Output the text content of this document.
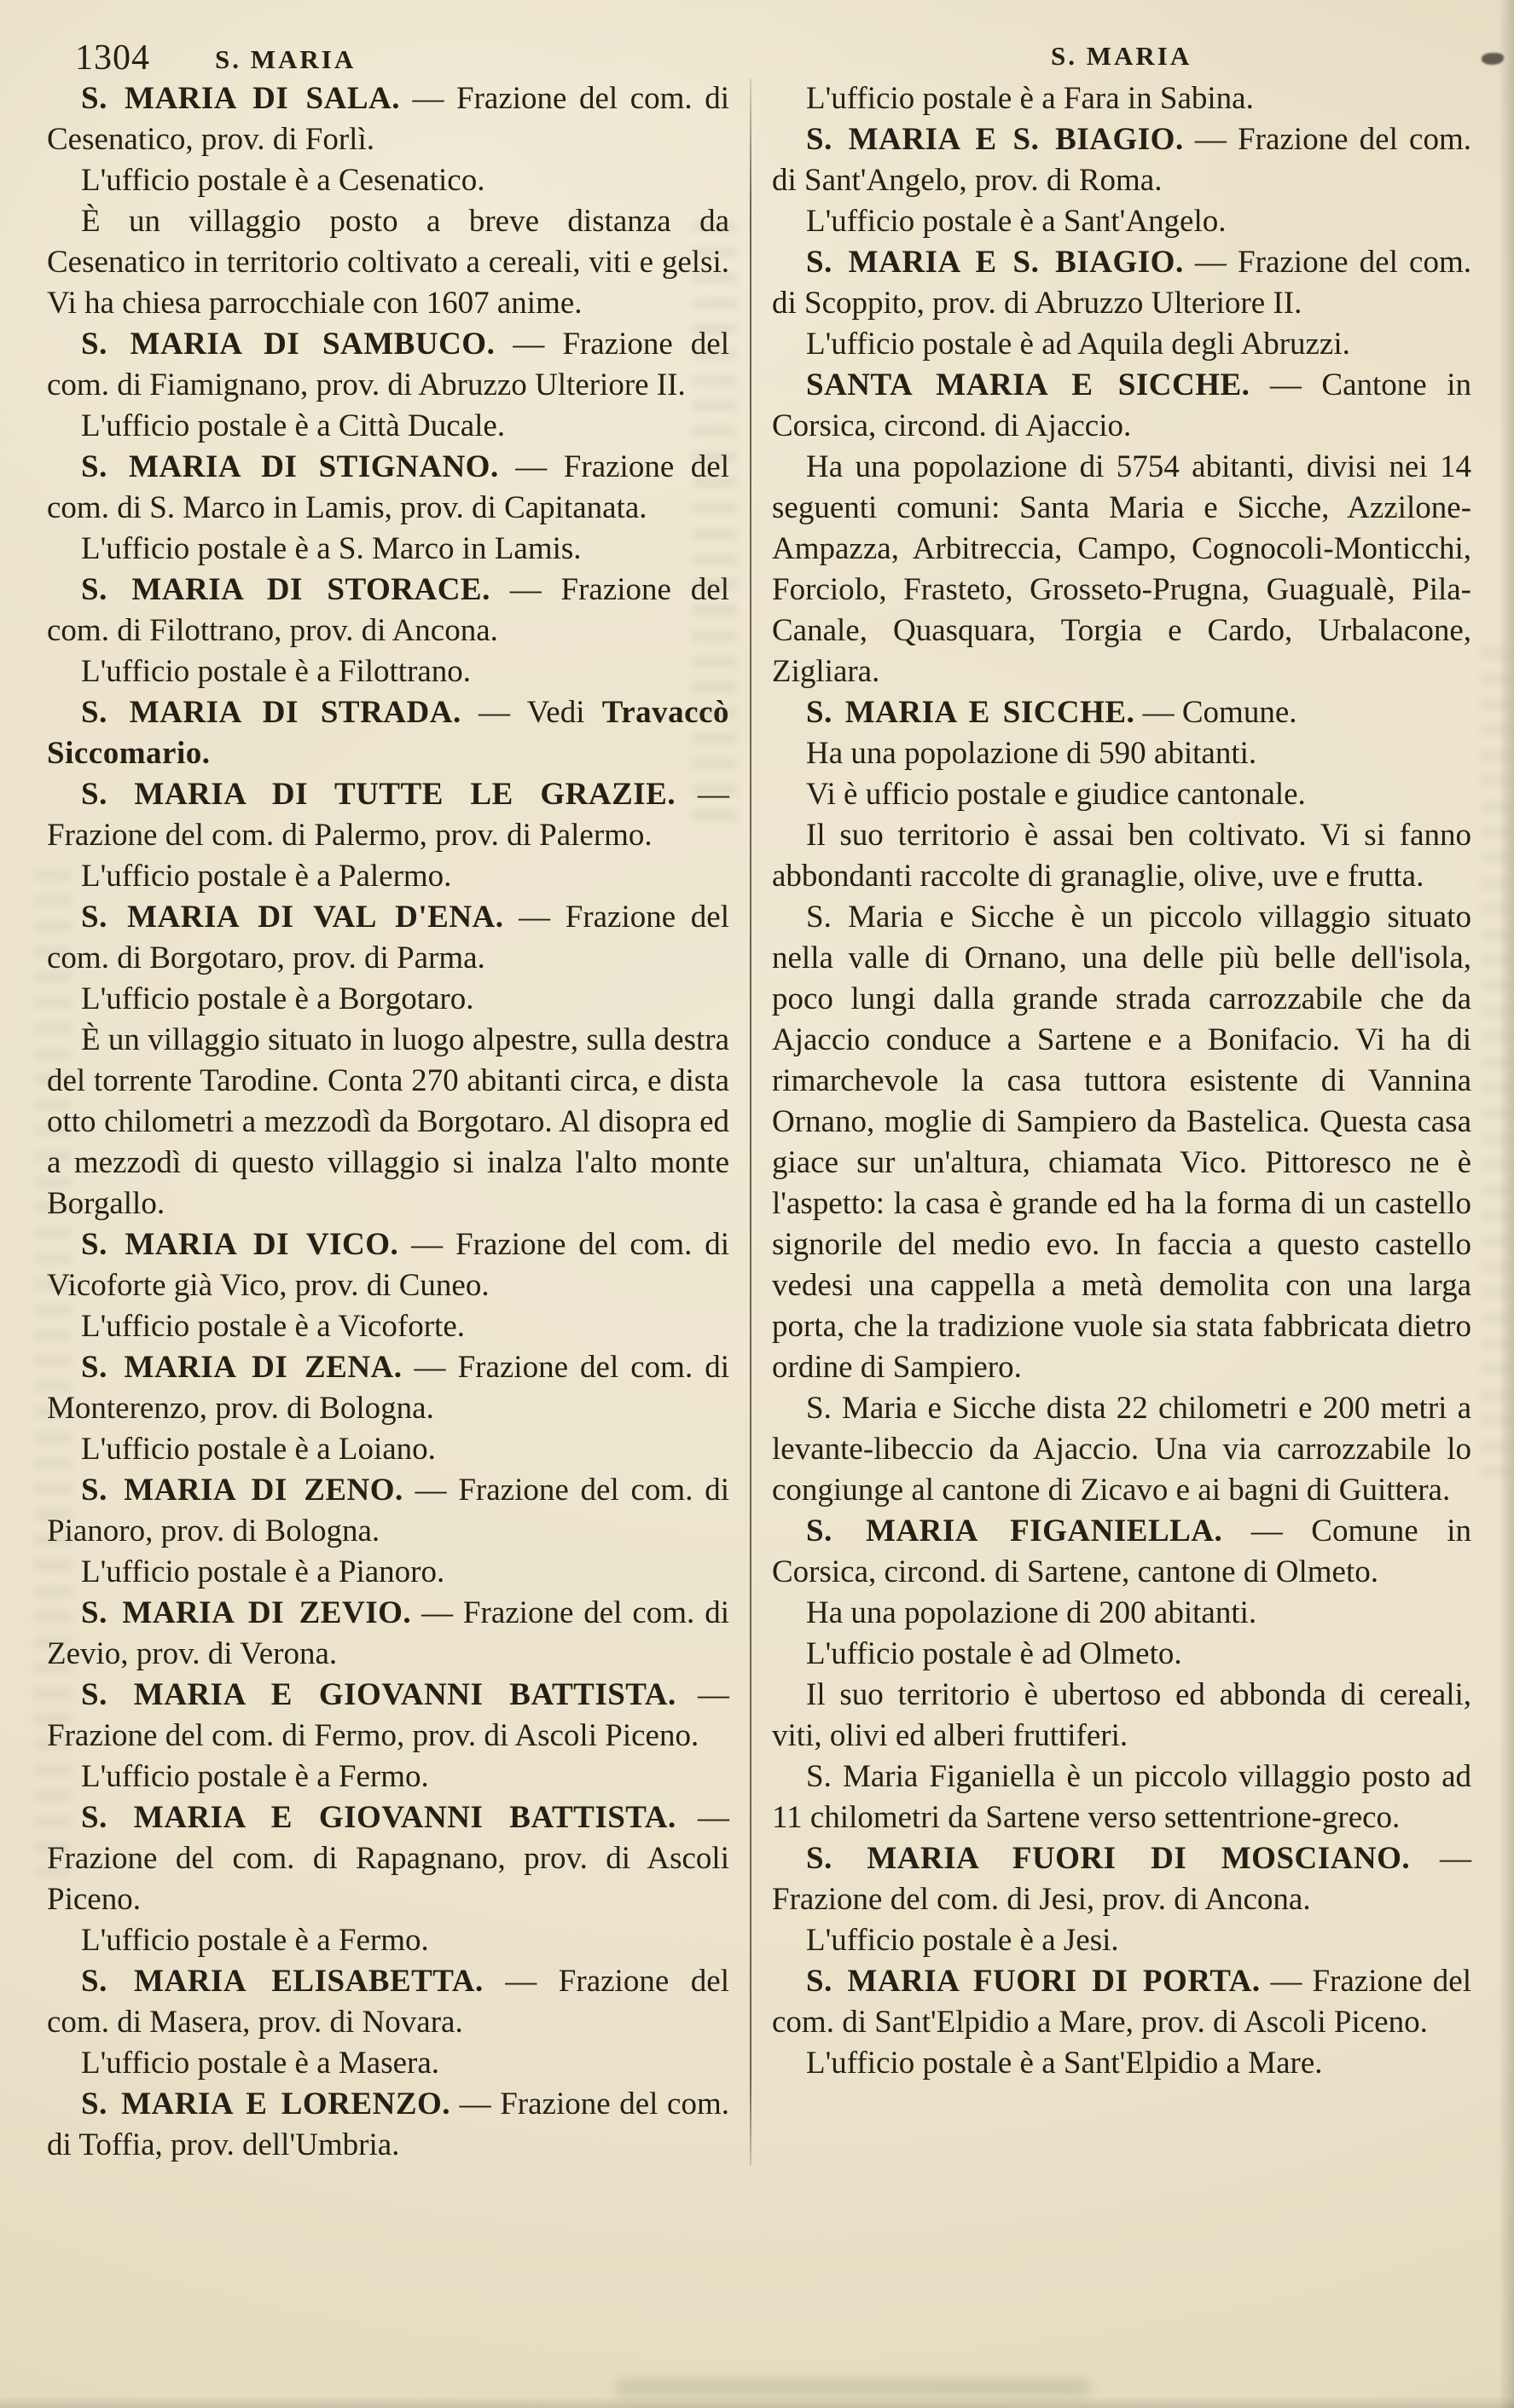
1304 S. MARIA	S. MARIA

S. MARIA DI SALA. — Frazione del com. di Cesenatico, prov. di Forlì.

L'ufficio postale è a Cesenatico.

È un villaggio posto a breve distanza da Cesenatico in territorio coltivato a cereali, viti e gelsi. Vi ha chiesa parrocchiale con 1607 anime.

S. MARIA DI SAMBUCO. — Frazione del com. di Fiamignano, prov. di Abruzzo Ulteriore II.

L'ufficio postale è a Città Ducale.

S. MARIA DI STIGNANO. — Frazione del com. di S. Marco in Lamis, prov. di Capitanata.

L'ufficio postale è a S. Marco in Lamis.

S. MARIA DI STORACE. — Frazione del com. di Filottrano, prov. di Ancona.

L'ufficio postale è a Filottrano.

S. MARIA DI STRADA. — Vedi Travaccò Siccomario.

S. MARIA DI TUTTE LE GRAZIE. — Frazione del com. di Palermo, prov. di Palermo.

L'ufficio postale è a Palermo.

S. MARIA DI VAL D'ENA. — Frazione del com. di Borgotaro, prov. di Parma.

L'ufficio postale è a Borgotaro.

È un villaggio situato in luogo alpestre, sulla destra del torrente Tarodine. Conta 270 abitanti circa, e dista otto chilometri a mezzodì da Borgotaro. Al disopra ed a mezzodì di questo villaggio si inalza l'alto monte Borgallo.

S. MARIA DI VICO. — Frazione del com. di Vicoforte già Vico, prov. di Cuneo.

L'ufficio postale è a Vicoforte.

S. MARIA DI ZENA. — Frazione del com. di Monterenzo, prov. di Bologna.

L'ufficio postale è a Loiano.

S. MARIA DI ZENO. — Frazione del com. di Pianoro, prov. di Bologna.

L'ufficio postale è a Pianoro.

S. MARIA DI ZEVIO. — Frazione del com. di Zevio, prov. di Verona.

S. MARIA E GIOVANNI BATTISTA. — Frazione del com. di Fermo, prov. di Ascoli Piceno.

L'ufficio postale è a Fermo.

S. MARIA E GIOVANNI BATTISTA. — Frazione del com. di Rapagnano, prov. di Ascoli Piceno.

L'ufficio postale è a Fermo.

S. MARIA ELISABETTA. — Frazione del com. di Masera, prov. di Novara.

L'ufficio postale è a Masera.

S. MARIA E LORENZO. — Frazione del com. di Toffia, prov. dell'Umbria.

L'ufficio postale è a Fara in Sabina.

S. MARIA E S. BIAGIO. — Frazione del com. di Sant'Angelo, prov. di Roma.

L'ufficio postale è a Sant'Angelo.

S. MARIA E S. BIAGIO. — Frazione del com. di Scoppito, prov. di Abruzzo Ulteriore II.

L'ufficio postale è ad Aquila degli Abruzzi.

SANTA MARIA E SICCHE. — Cantone in Corsica, circond. di Ajaccio.

Ha una popolazione di 5754 abitanti, divisi nei 14 seguenti comuni: Santa Maria e Sicche, Azzilone-Ampazza, Arbitreccia, Campo, Cognocoli-Monticchi, Forciolo, Frasteto, Grosseto-Prugna, Guagualè, Pila-Canale, Quasquara, Torgia e Cardo, Urbalacone, Zigliara.

S. MARIA E SICCHE. — Comune.

Ha una popolazione di 590 abitanti.

Vi è ufficio postale e giudice cantonale.

Il suo territorio è assai ben coltivato. Vi si fanno abbondanti raccolte di granaglie, olive, uve e frutta.

S. Maria e Sicche è un piccolo villaggio situato nella valle di Ornano, una delle più belle dell'isola, poco lungi dalla grande strada carrozzabile che da Ajaccio conduce a Sartene e a Bonifacio. Vi ha di rimarchevole la casa tuttora esistente di Vannina Ornano, moglie di Sampiero da Bastelica. Questa casa giace sur un'altura, chiamata Vico. Pittoresco ne è l'aspetto: la casa è grande ed ha la forma di un castello signorile del medio evo. In faccia a questo castello vedesi una cappella a metà demolita con una larga porta, che la tradizione vuole sia stata fabbricata dietro ordine di Sampiero.

S. Maria e Sicche dista 22 chilometri e 200 metri a levante-libeccio da Ajaccio. Una via carrozzabile lo congiunge al cantone di Zicavo e ai bagni di Guittera.

S. MARIA FIGANIELLA. — Comune in Corsica, circond. di Sartene, cantone di Olmeto.

Ha una popolazione di 200 abitanti.

L'ufficio postale è ad Olmeto.

Il suo territorio è ubertoso ed abbonda di cereali, viti, olivi ed alberi fruttiferi.

S. Maria Figaniella è un piccolo villaggio posto ad 11 chilometri da Sartene verso settentrione-greco.

S. MARIA FUORI DI MOSCIANO. — Frazione del com. di Jesi, prov. di Ancona.

L'ufficio postale è a Jesi.

S. MARIA FUORI DI PORTA. — Frazione del com. di Sant'Elpidio a Mare, prov. di Ascoli Piceno.

L'ufficio postale è a Sant'Elpidio a Mare.
